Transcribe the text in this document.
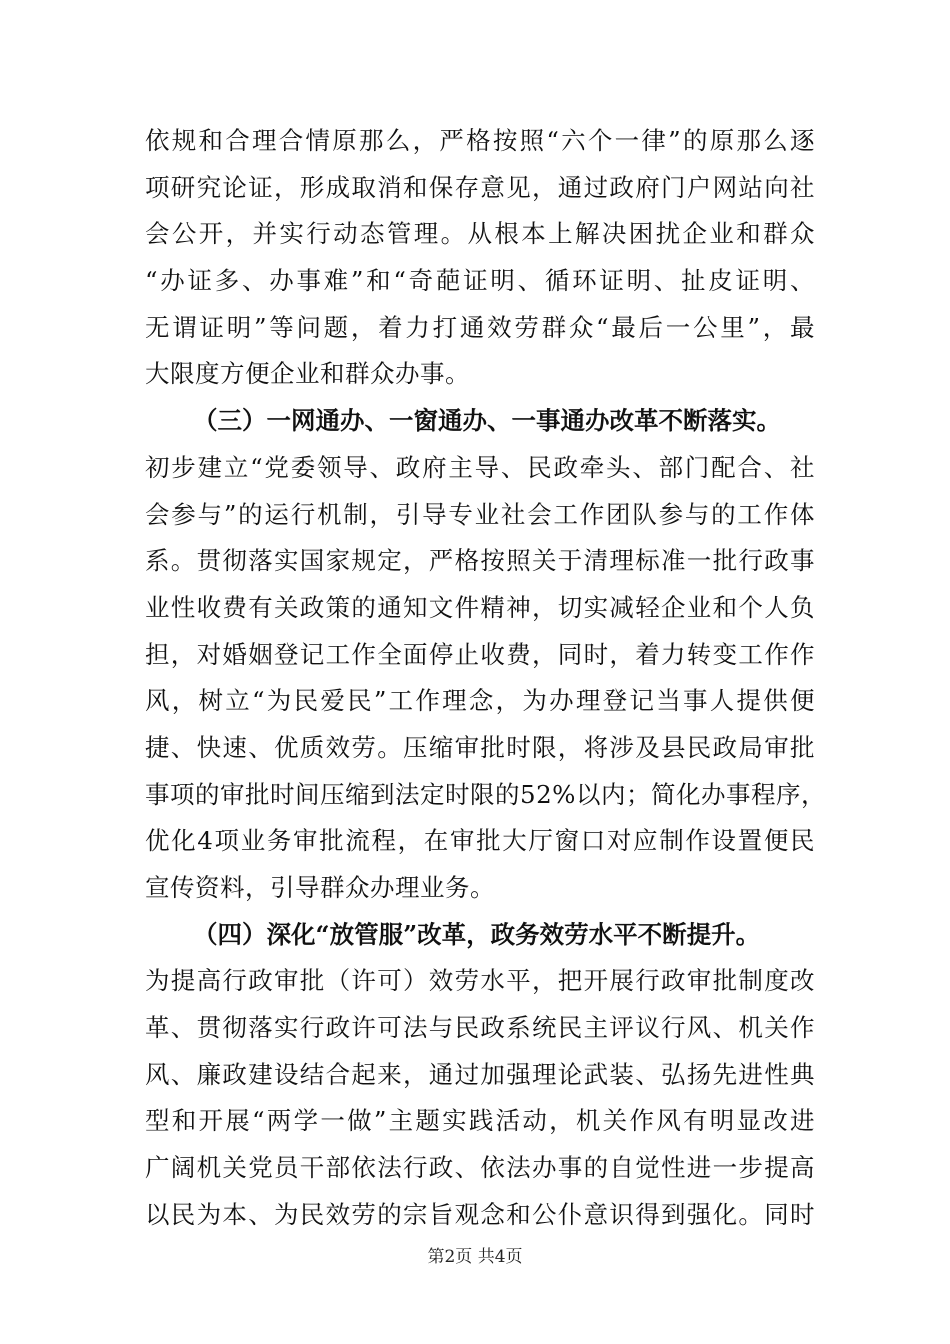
依规和合理合情原那么，严格按照“六个一律”的原那么逐
项研究论证，形成取消和保存意见，通过政府门户网站向社
会公开，并实行动态管理。从根本上解决困扰企业和群众
“办证多、办事难”和“奇葩证明、循环证明、扯皮证明、
无谓证明”等问题，着力打通效劳群众“最后一公里”，最
大限度方便企业和群众办事。
（三）一网通办、一窗通办、一事通办改革不断落实。
初步建立“党委领导、政府主导、民政牵头、部门配合、社
会参与”的运行机制，引导专业社会工作团队参与的工作体
系。贯彻落实国家规定，严格按照关于清理标准一批行政事
业性收费有关政策的通知文件精神，切实减轻企业和个人负
担，对婚姻登记工作全面停止收费，同时，着力转变工作作
风，树立“为民爱民”工作理念，为办理登记当事人提供便
捷、快速、优质效劳。压缩审批时限，将涉及县民政局审批
事项的审批时间压缩到法定时限的52%以内；简化办事程序，
优化4项业务审批流程，在审批大厅窗口对应制作设置便民
宣传资料，引导群众办理业务。
（四）深化“放管服”改革，政务效劳水平不断提升。
为提高行政审批（许可）效劳水平，把开展行政审批制度改
革、贯彻落实行政许可法与民政系统民主评议行风、机关作
风、廉政建设结合起来，通过加强理论武装、弘扬先进性典
型和开展“两学一做”主题实践活动，机关作风有明显改进
广阔机关党员干部依法行政、依法办事的自觉性进一步提高
以民为本、为民效劳的宗旨观念和公仆意识得到强化。同时
第2页 共4页
